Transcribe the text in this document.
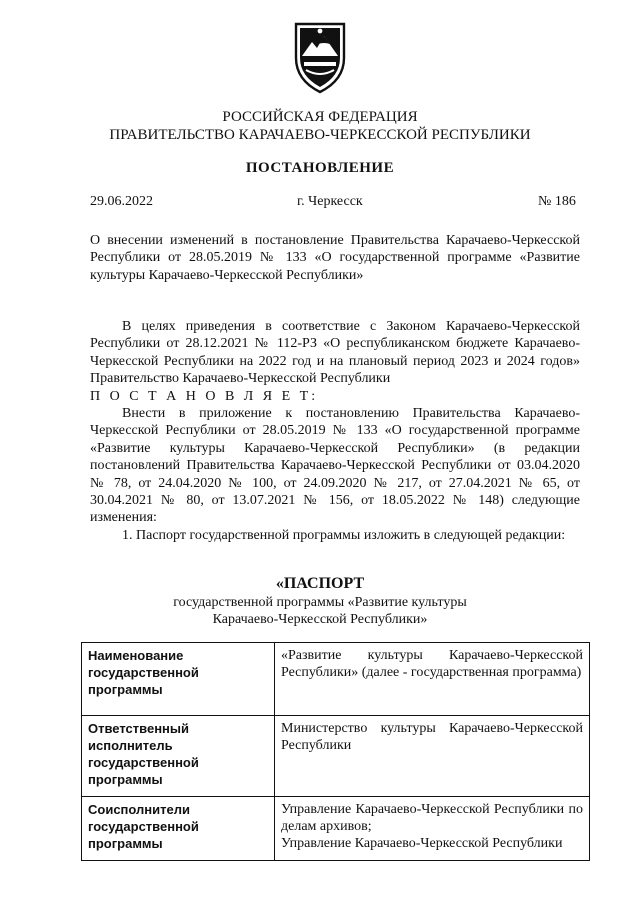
РОССИЙСКАЯ ФЕДЕРАЦИЯ
ПРАВИТЕЛЬСТВО КАРАЧАЕВО-ЧЕРКЕССКОЙ РЕСПУБЛИКИ
ПОСТАНОВЛЕНИЕ
29.06.2022	г. Черкесск	№ 186

О внесении изменений в постановление Правительства Карачаево-Черкесской Республики от 28.05.2019 № 133 «О государственной программе «Развитие культуры Карачаево-Черкесской Республики»

В целях приведения в соответствие с Законом Карачаево-Черкесской Республики от 28.12.2021 № 112-РЗ «О республиканском бюджете Карачаево-Черкесской Республики на 2022 год и на плановый период 2023 и 2024 годов» Правительство Карачаево-Черкесской Республики

П О С Т А Н О В Л Я Е Т:

Внести в приложение к постановлению Правительства Карачаево-Черкесской Республики от 28.05.2019 № 133 «О государственной программе «Развитие культуры Карачаево-Черкесской Республики» (в редакции постановлений Правительства Карачаево-Черкесской Республики от 03.04.2020 № 78, от 24.04.2020 № 100, от 24.09.2020 № 217, от 27.04.2021 № 65, от 30.04.2021 № 80, от 13.07.2021 № 156, от 18.05.2022 № 148) следующие изменения:

1. Паспорт государственной программы изложить в следующей редакции:

«ПАСПОРТ
государственной программы «Развитие культуры
Карачаево-Черкесской Республики»
Наименование государственной программы	«Развитие культуры Карачаево-Черкесской Республики» (далее - государственная программа)
Ответственный исполнитель государственной программы	Министерство культуры Карачаево-Черкесской Республики
Соисполнители государственной программы	Управление Карачаево-Черкесской Республики по делам архивов;
Управление Карачаево-Черкесской Республики
